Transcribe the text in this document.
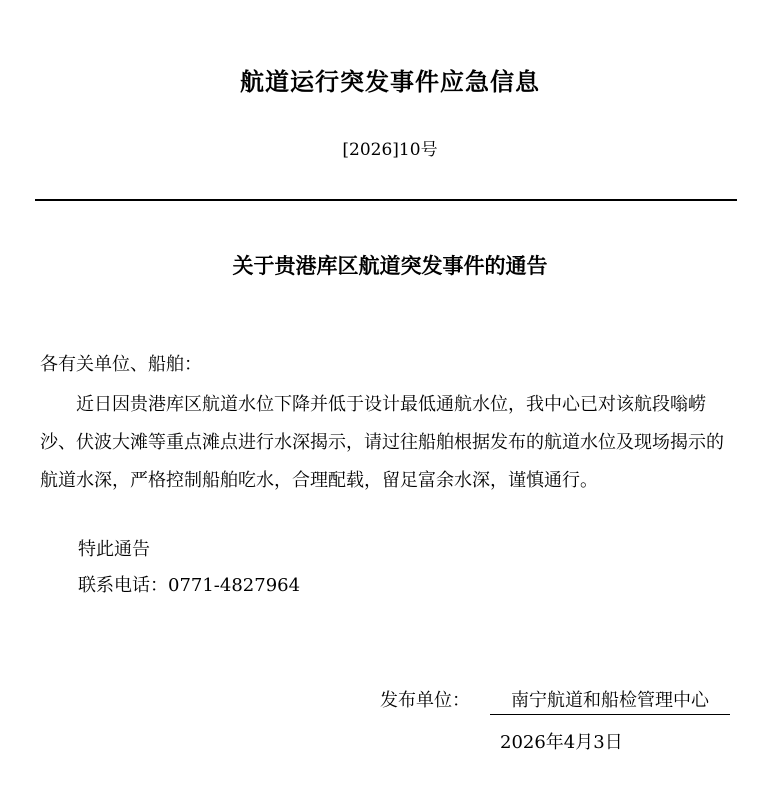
航道运行突发事件应急信息
[2026]10号
关于贵港库区航道突发事件的通告
各有关单位、船舶：
近日因贵港库区航道水位下降并低于设计最低通航水位，我中心已对该航段嗡崂沙、伏波大滩等重点滩点进行水深揭示，请过往船舶根据发布的航道水位及现场揭示的航道水深，严格控制船舶吃水，合理配载，留足富余水深，谨慎通行。
特此通告
联系电话：0771-4827964
发布单位：	南宁航道和船检管理中心
2026年4月3日
